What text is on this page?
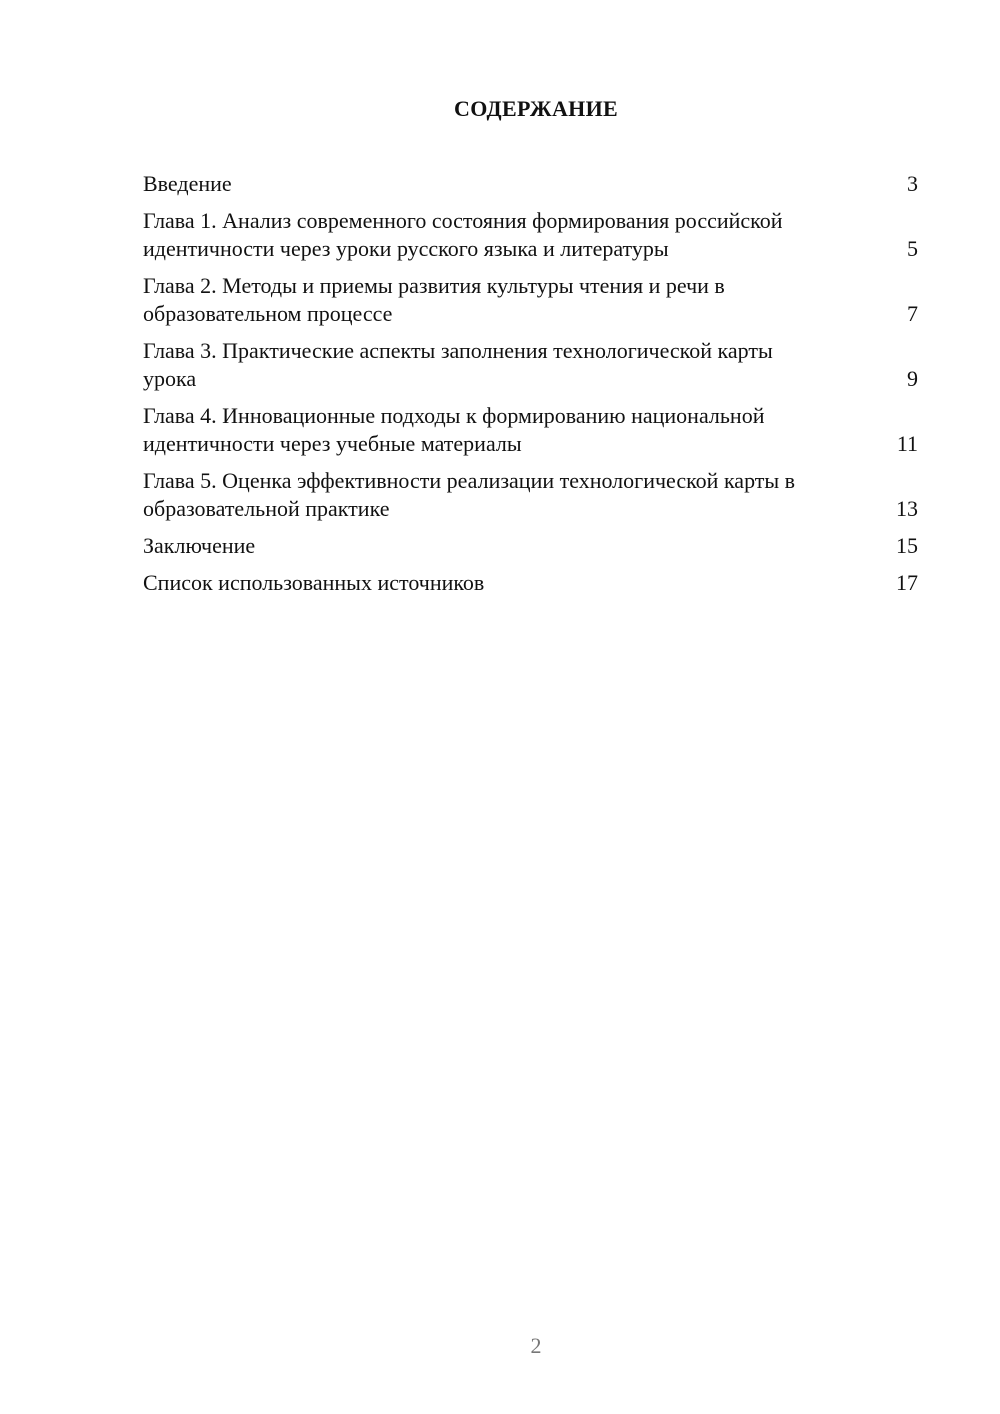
СОДЕРЖАНИЕ
Введение	3
Глава 1. Анализ современного состояния формирования российской идентичности через уроки русского языка и литературы	5
Глава 2. Методы и приемы развития культуры чтения и речи в образовательном процессе	7
Глава 3. Практические аспекты заполнения технологической карты урока	9
Глава 4. Инновационные подходы к формированию национальной идентичности через учебные материалы	11
Глава 5. Оценка эффективности реализации технологической карты в образовательной практике	13
Заключение	15
Список использованных источников	17
2
